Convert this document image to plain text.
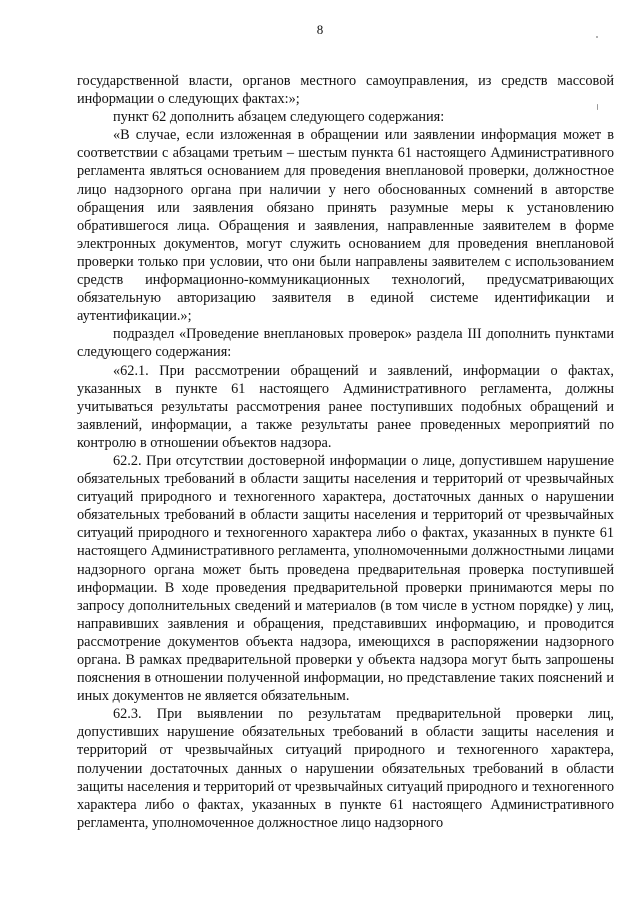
8

государственной власти, органов местного самоуправления, из средств массовой информации о следующих фактах:»;

пункт 62 дополнить абзацем следующего содержания:

«В случае, если изложенная в обращении или заявлении информация может в соответствии с абзацами третьим – шестым пункта 61 настоящего Административного регламента являться основанием для проведения внеплановой проверки, должностное лицо надзорного органа при наличии у него обоснованных сомнений в авторстве обращения или заявления обязано принять разумные меры к установлению обратившегося лица. Обращения и заявления, направленные заявителем в форме электронных документов, могут служить основанием для проведения внеплановой проверки только при условии, что они были направлены заявителем с использованием средств информационно-коммуникационных технологий, предусматривающих обязательную авторизацию заявителя в единой системе идентификации и аутентификации.»;

подраздел «Проведение внеплановых проверок» раздела III дополнить пунктами следующего содержания:

«62.1. При рассмотрении обращений и заявлений, информации о фактах, указанных в пункте 61 настоящего Административного регламента, должны учитываться результаты рассмотрения ранее поступивших подобных обращений и заявлений, информации, а также результаты ранее проведенных мероприятий по контролю в отношении объектов надзора.

62.2. При отсутствии достоверной информации о лице, допустившем нарушение обязательных требований в области защиты населения и территорий от чрезвычайных ситуаций природного и техногенного характера, достаточных данных о нарушении обязательных требований в области защиты населения и территорий от чрезвычайных ситуаций природного и техногенного характера либо о фактах, указанных в пункте 61 настоящего Административного регламента, уполномоченными должностными лицами надзорного органа может быть проведена предварительная проверка поступившей информации. В ходе проведения предварительной проверки принимаются меры по запросу дополнительных сведений и материалов (в том числе в устном порядке) у лиц, направивших заявления и обращения, представивших информацию, и проводится рассмотрение документов объекта надзора, имеющихся в распоряжении надзорного органа. В рамках предварительной проверки у объекта надзора могут быть запрошены пояснения в отношении полученной информации, но представление таких пояснений и иных документов не является обязательным.

62.3. При выявлении по результатам предварительной проверки лиц, допустивших нарушение обязательных требований в области защиты населения и территорий от чрезвычайных ситуаций природного и техногенного характера, получении достаточных данных о нарушении обязательных требований в области защиты населения и территорий от чрезвычайных ситуаций природного и техногенного характера либо о фактах, указанных в пункте 61 настоящего Административного регламента, уполномоченное должностное лицо надзорного
